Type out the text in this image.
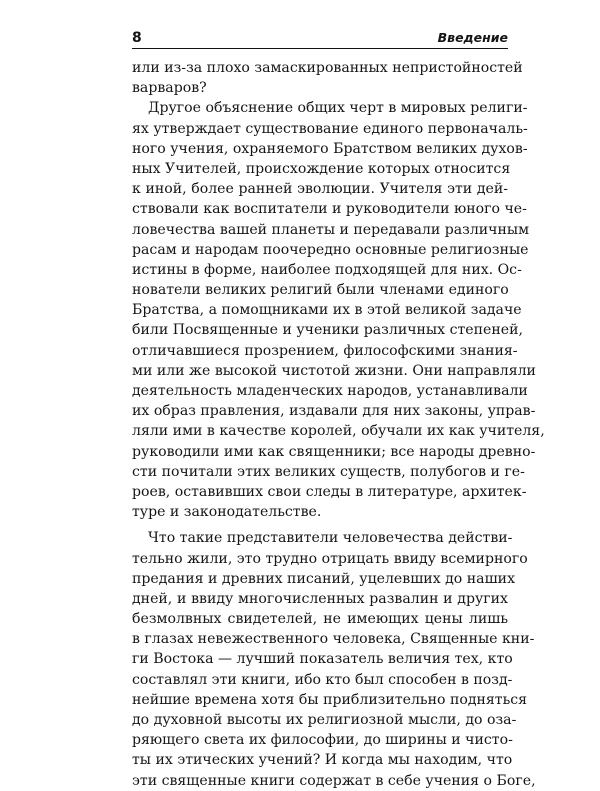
8	Введение
или из-за плохо замаскированных непристойностей
варваров?
Другое объяснение общих черт в мировых религи-
ях утверждает существование единого первоначаль-
ного учения, охраняемого Братством великих духов-
ных Учителей, происхождение которых относится
к иной, более ранней эволюции. Учителя эти дей-
ствовали как воспитатели и руководители юного че-
ловечества вашей планеты и передавали различным
расам и народам поочередно основные религиозные
истины в форме, наиболее подходящей для них. Ос-
нователи великих религий были членами единого
Братства, а помощниками их в этой великой задаче
били Посвященные и ученики различных степеней,
отличавшиеся прозрением, философскими знания-
ми или же высокой чистотой жизни. Они направляли
деятельность младенческих народов, устанавливали
их образ правления, издавали для них законы, управ-
ляли ими в качестве королей, обучали их как учителя,
руководили ими как священники; все народы древно-
сти почитали этих великих существ, полубогов и ге-
роев, оставивших свои следы в литературе, архитек-
туре и законодательстве.
Что такие представители человечества действи-
тельно жили, это трудно отрицать ввиду всемирного
предания и древних писаний, уцелевших до наших
дней, и ввиду многочисленных развалин и других
безмолвных свидетелей, не имеющих цены лишь
в глазах невежественного человека, Священные кни-
ги Востока — лучший показатель величия тех, кто
составлял эти книги, ибо кто был способен в позд-
нейшие времена хотя бы приблизительно подняться
до духовной высоты их религиозной мысли, до оза-
ряющего света их философии, до ширины и чисто-
ты их этических учений? И когда мы находим, что
эти священные книги содержат в себе учения о Боге,
